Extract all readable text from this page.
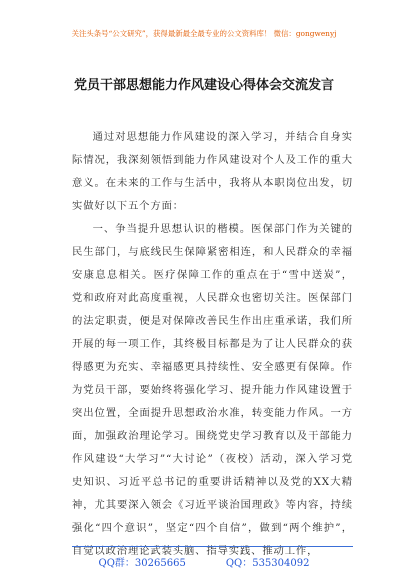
关注头条号“公文研究”，获得最新最全最专业的公文资料库！ 微信：gongwenyj
党员干部思想能力作风建设心得体会交流发言

通过对思想能力作风建设的深入学习，并结合自身实际情况，我深刻领悟到能力作风建设对个人及工作的重大意义。在未来的工作与生活中，我将从本职岗位出发，切实做好以下五个方面：

一、争当提升思想认识的楷模。医保部门作为关键的民生部门，与底线民生保障紧密相连，和人民群众的幸福安康息息相关。医疗保障工作的重点在于“雪中送炭”，党和政府对此高度重视，人民群众也密切关注。医保部门的法定职责，便是对保障改善民生作出庄重承诺，我们所开展的每一项工作，其终极目标都是为了让人民群众的获得感更为充实、幸福感更具持续性、安全感更有保障。作为党员干部，要始终将强化学习、提升能力作风建设置于突出位置，全面提升思想政治水准，转变能力作风。一方面，加强政治理论学习。围绕党史学习教育以及干部能力作风建设“大学习”“大讨论”（夜校）活动，深入学习党史知识、习近平总书记的重要讲话精神以及党的XX大精神，尤其要深入领会《习近平谈治国理政》等内容，持续强化“四个意识”，坚定“四个自信”，做到“两个维护”，自觉以政治理论武装头脑、指导实践、推动工作，

QQ群：30265665	QQ：535304092
